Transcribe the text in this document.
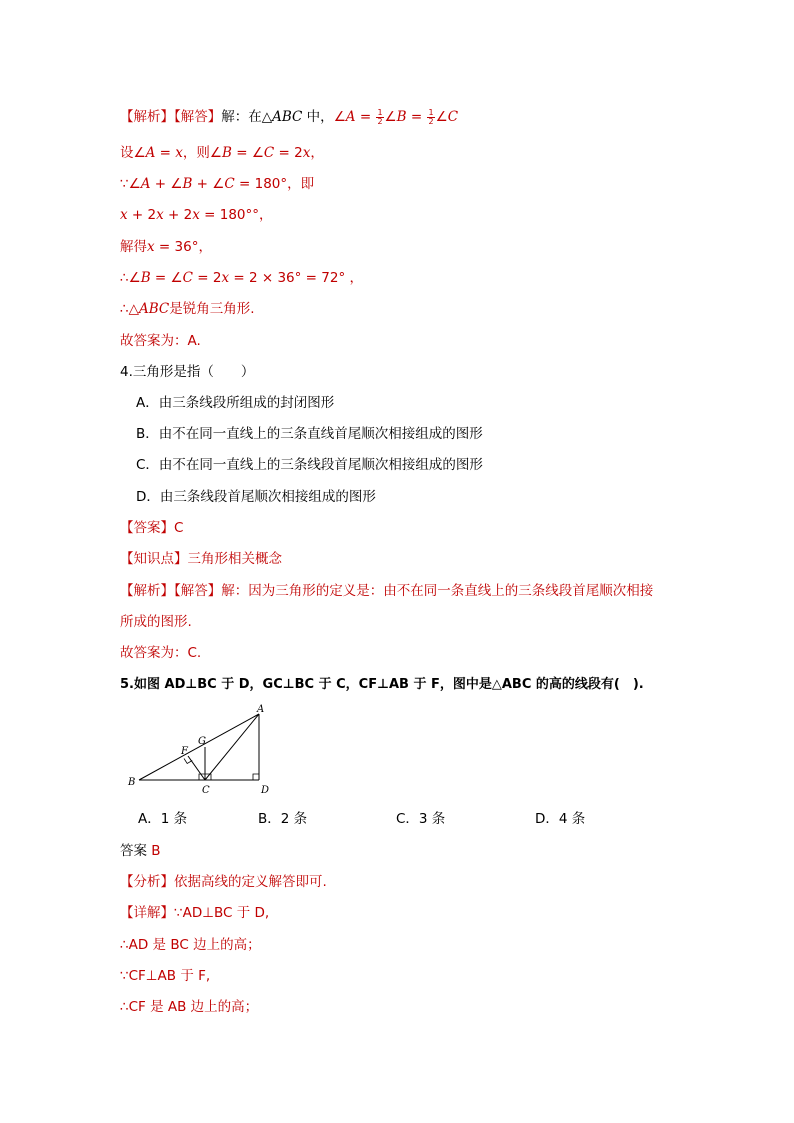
【解析】【解答】解：在△ABC 中，∠A = $\frac{1}{2}$ ∠B = $\frac{1}{2}$ ∠C
设∠A = x，则∠B = ∠C = 2x，
∵∠A + ∠B + ∠C = 180°，即
x + 2x + 2x = 180°°，
解得x = 36°，
∴∠B = ∠C = 2x = 2 × 36° = 72° ，
∴△ABC是锐角三角形.
故答案为：A.
4.三角形是指（　　）
A．由三条线段所组成的封闭图形
B．由不在同一直线上的三条直线首尾顺次相接组成的图形
C．由不在同一直线上的三条线段首尾顺次相接组成的图形
D．由三条线段首尾顺次相接组成的图形
【答案】C
【知识点】三角形相关概念
【解析】【解答】解：因为三角形的定义是：由不在同一条直线上的三条线段首尾顺次相接
所成的图形.
故答案为：C.
5.如图 AD⊥BC 于 D，GC⊥BC 于 C，CF⊥AB 于 F，图中是△ABC 的高的线段有(　).
A
B
C	D
F
G
A．1 条	B．2 条	C．3 条	D．4 条
答案 B
【分析】依据高线的定义解答即可.
【详解】∵AD⊥BC 于 D,
∴AD 是 BC 边上的高；
∵CF⊥AB 于 F,
∴CF 是 AB 边上的高；
